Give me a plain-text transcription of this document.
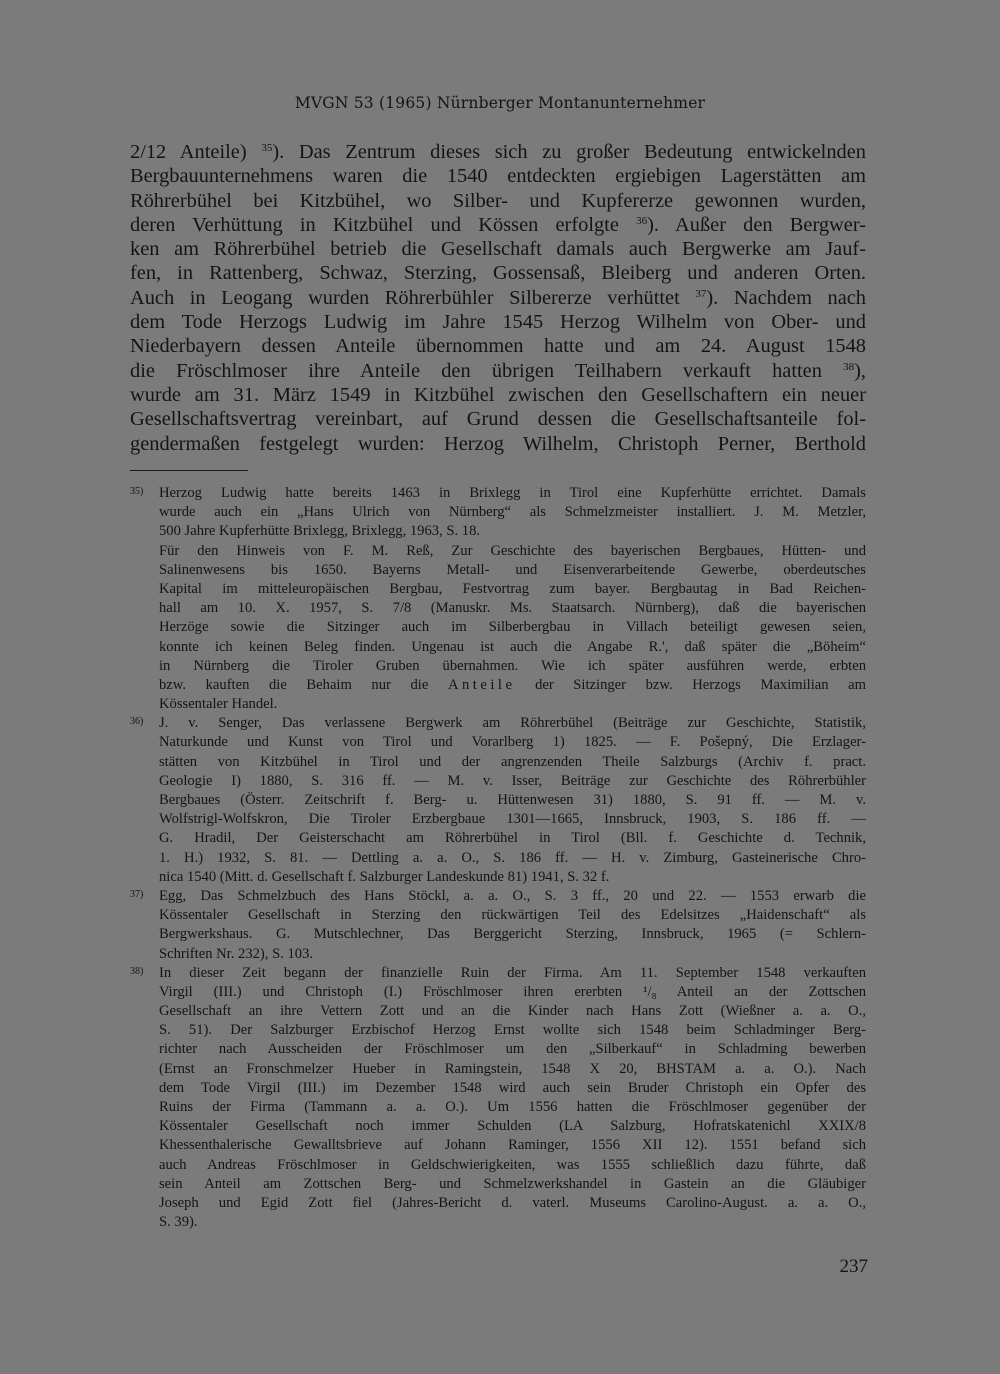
MVGN 53 (1965) Nürnberger Montanunternehmer
2/12 Anteile) $^{35}$). Das Zentrum dieses sich zu großer Bedeutung entwickelnden
Bergbauunternehmens waren die 1540 entdeckten ergiebigen Lagerstätten am
Röhrerbühel bei Kitzbühel, wo Silber- und Kupfererze gewonnen wurden,
deren Verhüttung in Kitzbühel und Kössen erfolgte $^{36}$). Außer den Bergwer-
ken am Röhrerbühel betrieb die Gesellschaft damals auch Bergwerke am Jauf-
fen, in Rattenberg, Schwaz, Sterzing, Gossensaß, Bleiberg und anderen Orten.
Auch in Leogang wurden Röhrerbühler Silbererze verhüttet $^{37}$). Nachdem nach
dem Tode Herzogs Ludwig im Jahre 1545 Herzog Wilhelm von Ober- und
Niederbayern dessen Anteile übernommen hatte und am 24. August 1548
die Fröschlmoser ihre Anteile den übrigen Teilhabern verkauft hatten $^{38}$),
wurde am 31. März 1549 in Kitzbühel zwischen den Gesellschaftern ein neuer
Gesellschaftsvertrag vereinbart, auf Grund dessen die Gesellschaftsanteile fol-
gendermaßen festgelegt wurden: Herzog Wilhelm, Christoph Perner, Berthold
35) Herzog Ludwig hatte bereits 1463 in Brixlegg in Tirol eine Kupferhütte errichtet. Damals
wurde auch ein „Hans Ulrich von Nürnberg“ als Schmelzmeister installiert. J. M. Metzler,
500 Jahre Kupferhütte Brixlegg, Brixlegg, 1963, S. 18.
Für den Hinweis von F. M. Reß, Zur Geschichte des bayerischen Bergbaues, Hütten- und
Salinenwesens bis 1650. Bayerns Metall- und Eisenverarbeitende Gewerbe, oberdeutsches
Kapital im mitteleuropäischen Bergbau, Festvortrag zum bayer. Bergbautag in Bad Reichen-
hall am 10. X. 1957, S. 7/8 (Manuskr. Ms. Staatsarch. Nürnberg), daß die bayerischen
Herzöge sowie die Sitzinger auch im Silberbergbau in Villach beteiligt gewesen seien,
konnte ich keinen Beleg finden. Ungenau ist auch die Angabe R.', daß später die „Böheim“
in Nürnberg die Tiroler Gruben übernahmen. Wie ich später ausführen werde, erbten
bzw. kauften die Behaim nur die Anteile der Sitzinger bzw. Herzogs Maximilian am
Kössentaler Handel.
36) J. v. Senger, Das verlassene Bergwerk am Röhrerbühel (Beiträge zur Geschichte, Statistik,
Naturkunde und Kunst von Tirol und Vorarlberg 1) 1825. — F. Pošepný, Die Erzlager-
stätten von Kitzbühel in Tirol und der angrenzenden Theile Salzburgs (Archiv f. pract.
Geologie I) 1880, S. 316 ff. — M. v. Isser, Beiträge zur Geschichte des Röhrerbühler
Bergbaues (Österr. Zeitschrift f. Berg- u. Hüttenwesen 31) 1880, S. 91 ff. — M. v.
Wolfstrigl-Wolfskron, Die Tiroler Erzbergbaue 1301—1665, Innsbruck, 1903, S. 186 ff. —
G. Hradil, Der Geisterschacht am Röhrerbühel in Tirol (Bll. f. Geschichte d. Technik,
1. H.) 1932, S. 81. — Dettling a. a. O., S. 186 ff. — H. v. Zimburg, Gasteinerische Chro-
nica 1540 (Mitt. d. Gesellschaft f. Salzburger Landeskunde 81) 1941, S. 32 f.
37) Egg, Das Schmelzbuch des Hans Stöckl, a. a. O., S. 3 ff., 20 und 22. — 1553 erwarb die
Kössentaler Gesellschaft in Sterzing den rückwärtigen Teil des Edelsitzes „Haidenschaft“ als
Bergwerkshaus. G. Mutschlechner, Das Berggericht Sterzing, Innsbruck, 1965 (= Schlern-
Schriften Nr. 232), S. 103.
38) In dieser Zeit begann der finanzielle Ruin der Firma. Am 11. September 1548 verkauften
Virgil (III.) und Christoph (I.) Fröschlmoser ihren ererbten ¹/₈ Anteil an der Zottschen
Gesellschaft an ihre Vettern Zott und an die Kinder nach Hans Zott (Wießner a. a. O.,
S. 51). Der Salzburger Erzbischof Herzog Ernst wollte sich 1548 beim Schladminger Berg-
richter nach Ausscheiden der Fröschlmoser um den „Silberkauf“ in Schladming bewerben
(Ernst an Fronschmelzer Hueber in Ramingstein, 1548 X 20, BHSTAM a. a. O.). Nach
dem Tode Virgil (III.) im Dezember 1548 wird auch sein Bruder Christoph ein Opfer des
Ruins der Firma (Tammann a. a. O.). Um 1556 hatten die Fröschlmoser gegenüber der
Kössentaler Gesellschaft noch immer Schulden (LA Salzburg, Hofratskatenichl XXIX/8
Khessenthalerische Gewalltsbrieve auf Johann Raminger, 1556 XII 12). 1551 befand sich
auch Andreas Fröschlmoser in Geldschwierigkeiten, was 1555 schließlich dazu führte, daß
sein Anteil am Zottschen Berg- und Schmelzwerkshandel in Gastein an die Gläubiger
Joseph und Egid Zott fiel (Jahres-Bericht d. vaterl. Museums Carolino-August. a. a. O.,
S. 39).
237
